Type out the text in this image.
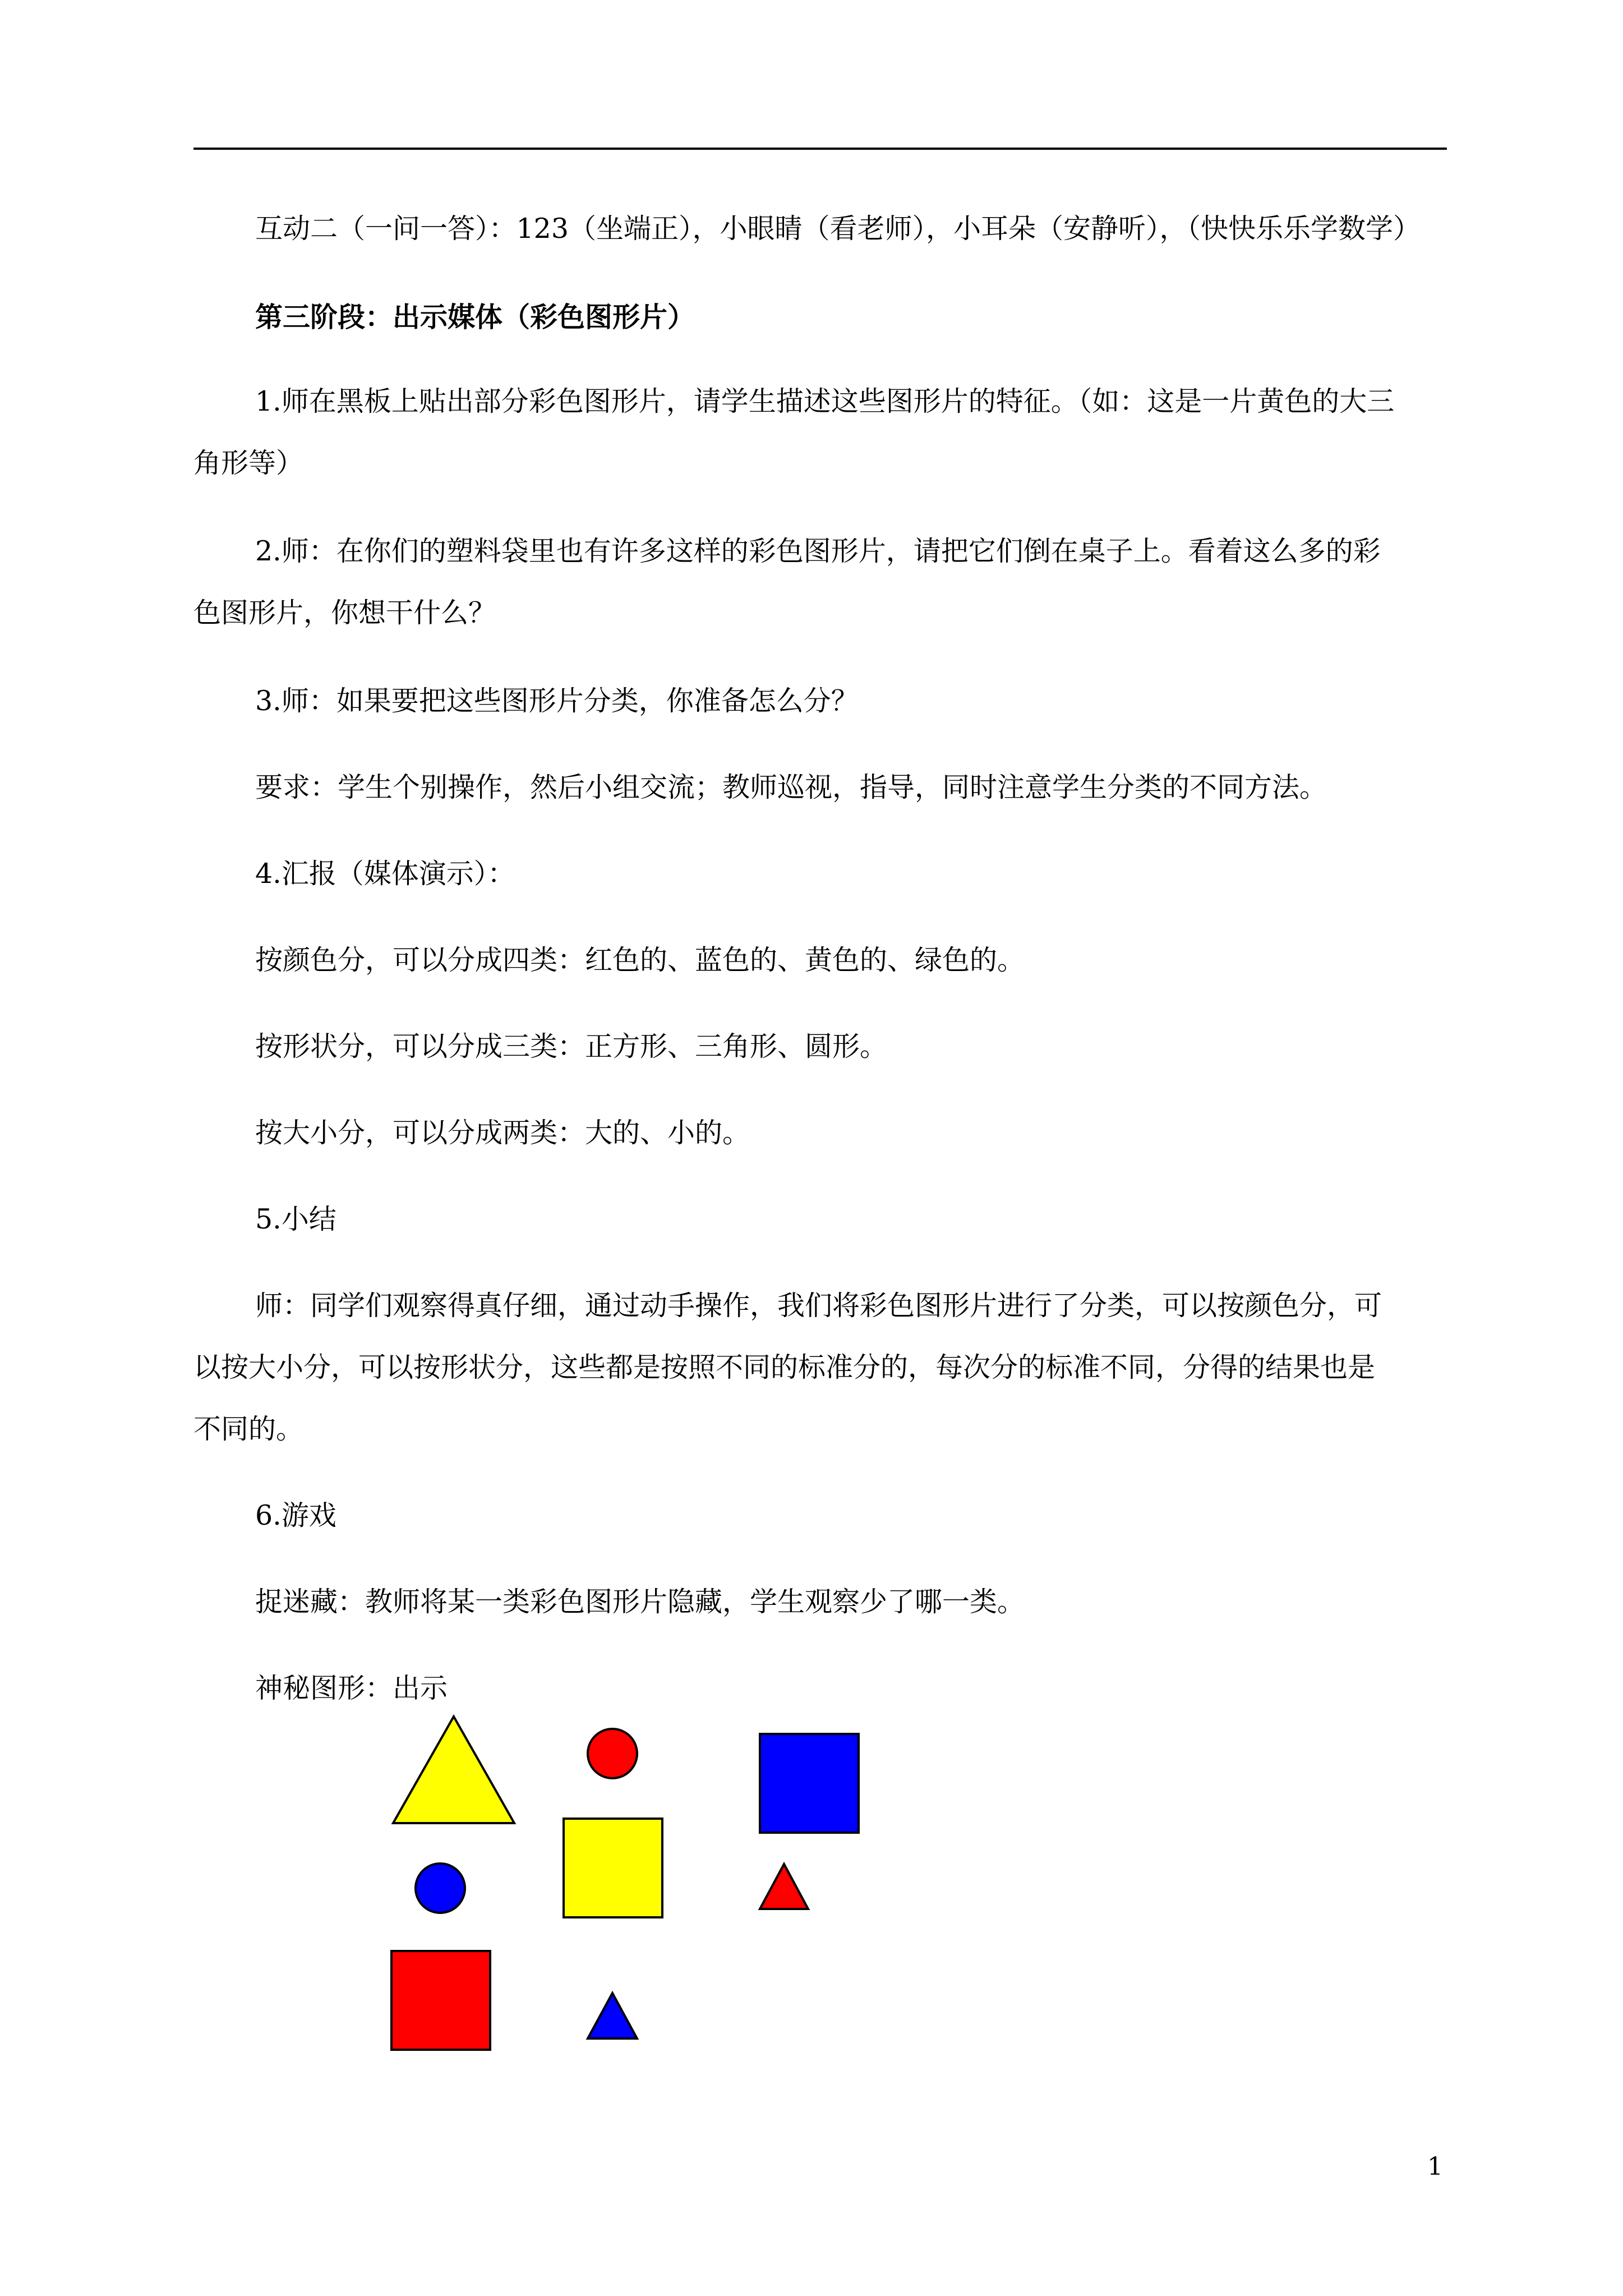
互动二（一问一答）：123（坐端正），小眼睛（看老师），小耳朵（安静听），（快快乐乐学数学）
第三阶段：出示媒体（彩色图形片）
1.师在黑板上贴出部分彩色图形片，请学生描述这些图形片的特征。（如：这是一片黄色的大三
角形等）
2.师：在你们的塑料袋里也有许多这样的彩色图形片，请把它们倒在桌子上。看着这么多的彩
色图形片，你想干什么？
3.师：如果要把这些图形片分类，你准备怎么分？
要求：学生个别操作，然后小组交流；教师巡视，指导，同时注意学生分类的不同方法。
4.汇报（媒体演示）：
按颜色分，可以分成四类：红色的、蓝色的、黄色的、绿色的。
按形状分，可以分成三类：正方形、三角形、圆形。
按大小分，可以分成两类：大的、小的。
5.小结
师：同学们观察得真仔细，通过动手操作，我们将彩色图形片进行了分类，可以按颜色分，可
以按大小分，可以按形状分，这些都是按照不同的标准分的，每次分的标准不同，分得的结果也是
不同的。
6.游戏
捉迷藏：教师将某一类彩色图形片隐藏，学生观察少了哪一类。
神秘图形：出示
1
